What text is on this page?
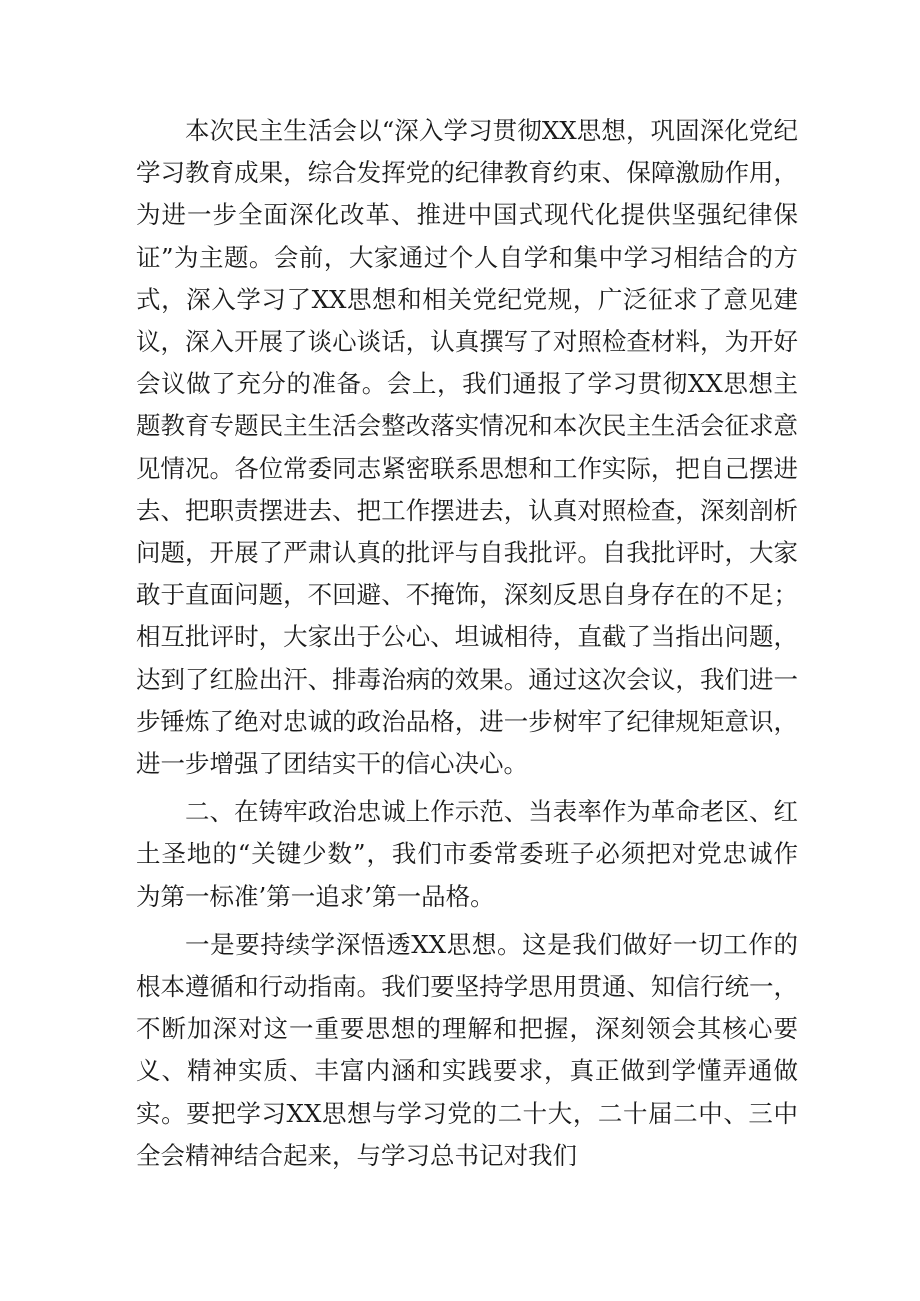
本次民主生活会以“深入学习贯彻XX思想，巩固深化党纪学习教育成果，综合发挥党的纪律教育约束、保障激励作用，为进一步全面深化改革、推进中国式现代化提供坚强纪律保证”为主题。会前，大家通过个人自学和集中学习相结合的方式，深入学习了XX思想和相关党纪党规，广泛征求了意见建议，深入开展了谈心谈话，认真撰写了对照检查材料，为开好会议做了充分的准备。会上，我们通报了学习贯彻XX思想主题教育专题民主生活会整改落实情况和本次民主生活会征求意见情况。各位常委同志紧密联系思想和工作实际，把自己摆进去、把职责摆进去、把工作摆进去，认真对照检查，深刻剖析问题，开展了严肃认真的批评与自我批评。自我批评时，大家敢于直面问题，不回避、不掩饰，深刻反思自身存在的不足；相互批评时，大家出于公心、坦诚相待，直截了当指出问题，达到了红脸出汗、排毒治病的效果。通过这次会议，我们进一步锤炼了绝对忠诚的政治品格，进一步树牢了纪律规矩意识，进一步增强了团结实干的信心决心。

二、在铸牢政治忠诚上作示范、当表率作为革命老区、红土圣地的“关键少数”，我们市委常委班子必须把对党忠诚作为第一标准’第一追求’第一品格。

一是要持续学深悟透XX思想。这是我们做好一切工作的根本遵循和行动指南。我们要坚持学思用贯通、知信行统一，不断加深对这一重要思想的理解和把握，深刻领会其核心要义、精神实质、丰富内涵和实践要求，真正做到学懂弄通做实。要把学习XX思想与学习党的二十大，二十届二中、三中全会精神结合起来，与学习总书记对我们
